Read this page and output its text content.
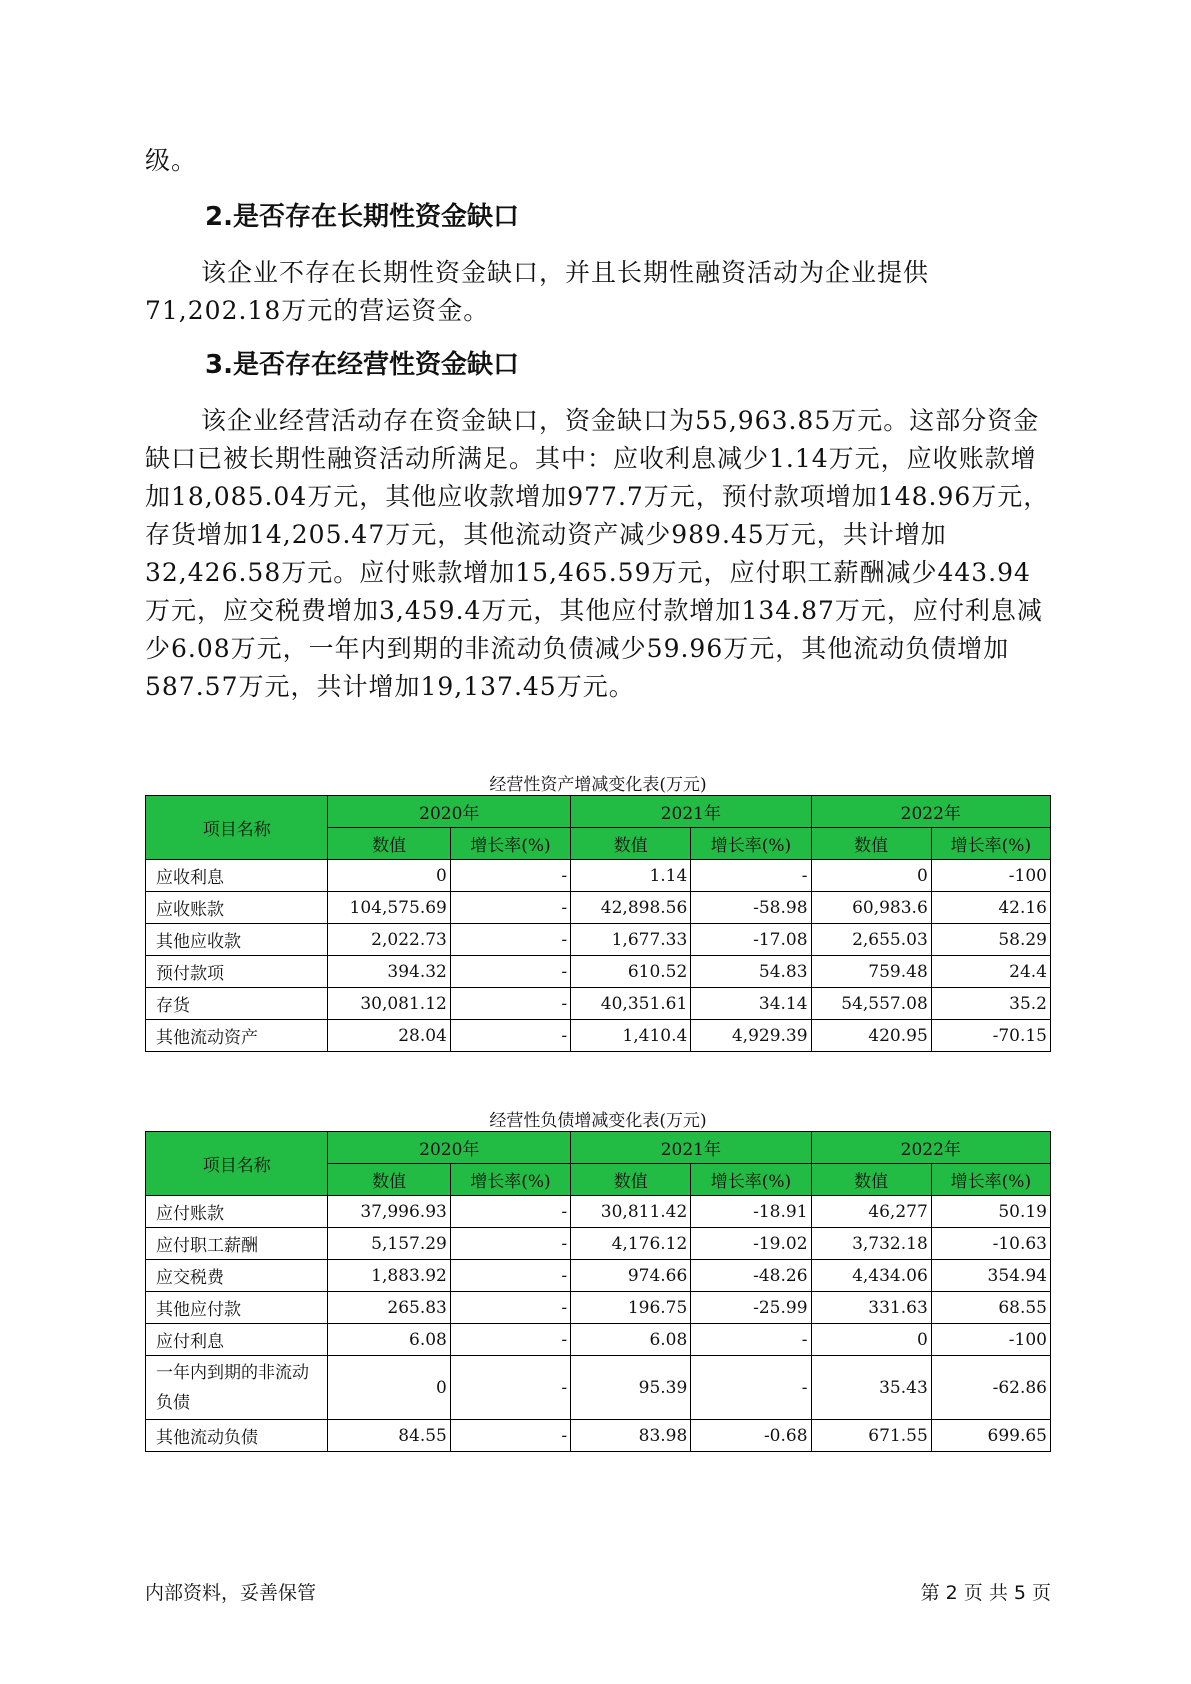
级。

2.是否存在长期性资金缺口

该企业不存在长期性资金缺口，并且长期性融资活动为企业提供71,202.18万元的营运资金。

3.是否存在经营性资金缺口

该企业经营活动存在资金缺口，资金缺口为55,963.85万元。这部分资金缺口已被长期性融资活动所满足。其中：应收利息减少1.14万元，应收账款增加18,085.04万元，其他应收款增加977.7万元，预付款项增加148.96万元，存货增加14,205.47万元，其他流动资产减少989.45万元，共计增加32,426.58万元。应付账款增加15,465.59万元，应付职工薪酬减少443.94万元，应交税费增加3,459.4万元，其他应付款增加134.87万元，应付利息减少6.08万元，一年内到期的非流动负债减少59.96万元，其他流动负债增加587.57万元，共计增加19,137.45万元。

经营性资产增减变化表(万元)
项目名称	2020年		2021年		2022年	
	数值	增长率(%)	数值	增长率(%)	数值	增长率(%)
应收利息	0	-	1.14	-	0	-100
应收账款	104,575.69	-	42,898.56	-58.98	60,983.6	42.16
其他应收款	2,022.73	-	1,677.33	-17.08	2,655.03	58.29
预付款项	394.32	-	610.52	54.83	759.48	24.4
存货	30,081.12	-	40,351.61	34.14	54,557.08	35.2
其他流动资产	28.04	-	1,410.4	4,929.39	420.95	-70.15
经营性负债增减变化表(万元)
项目名称	2020年		2021年		2022年	
	数值	增长率(%)	数值	增长率(%)	数值	增长率(%)
应付账款	37,996.93	-	30,811.42	-18.91	46,277	50.19
应付职工薪酬	5,157.29	-	4,176.12	-19.02	3,732.18	-10.63
应交税费	1,883.92	-	974.66	-48.26	4,434.06	354.94
其他应付款	265.83	-	196.75	-25.99	331.63	68.55
应付利息	6.08	-	6.08	-	0	-100
一年内到期的非流动负债	0	-	95.39	-	35.43	-62.86
其他流动负债	84.55	-	83.98	-0.68	671.55	699.65
内部资料，妥善保管	第 2 页 共 5 页
